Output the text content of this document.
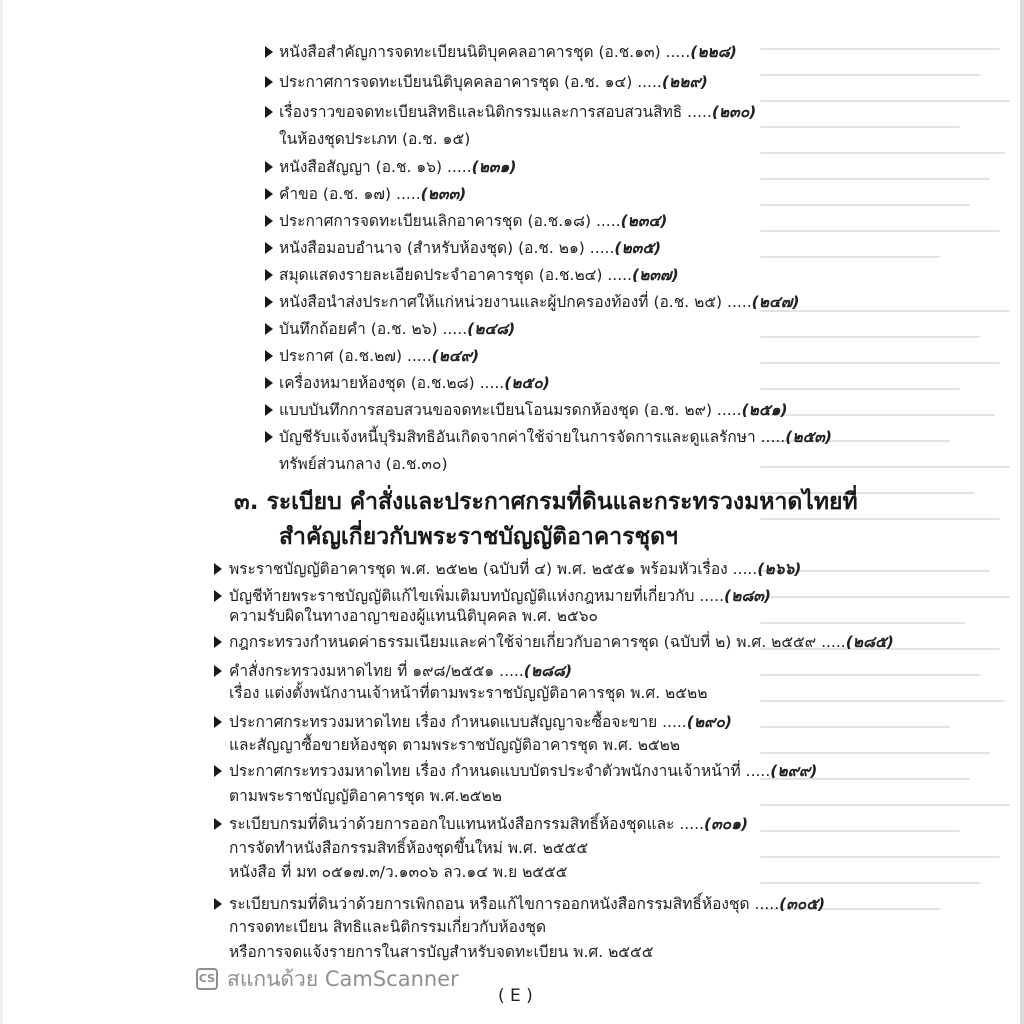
หนังสือสำคัญการจดทะเบียนนิติบุคคลอาคารชุด (อ.ช.๑๓) .....(๒๒๘)
ประกาศการจดทะเบียนนิติบุคคลอาคารชุด (อ.ช. ๑๔) .....(๒๒๙)
เรื่องราวขอจดทะเบียนสิทธิและนิติกรรมและการสอบสวนสิทธิ .....(๒๓๐)
ในห้องชุดประเภท (อ.ช. ๑๕)
หนังสือสัญญา (อ.ช. ๑๖) .....(๒๓๑)
คำขอ (อ.ช. ๑๗) .....(๒๓๓)
ประกาศการจดทะเบียนเลิกอาคารชุด (อ.ช.๑๘) .....(๒๓๔)
หนังสือมอบอำนาจ (สำหรับห้องชุด) (อ.ช. ๒๑) .....(๒๓๕)
สมุดแสดงรายละเอียดประจำอาคารชุด (อ.ช.๒๔) .....(๒๓๗)
หนังสือนำส่งประกาศให้แก่หน่วยงานและผู้ปกครองท้องที่ (อ.ช. ๒๕) .....(๒๔๗)
บันทึกถ้อยคำ (อ.ช. ๒๖) .....(๒๔๘)
ประกาศ (อ.ช.๒๗) .....(๒๔๙)
เครื่องหมายห้องชุด (อ.ช.๒๘) .....(๒๕๐)
แบบบันทึกการสอบสวนขอจดทะเบียนโอนมรดกห้องชุด (อ.ช. ๒๙) .....(๒๕๑)
บัญชีรับแจ้งหนี้บุริมสิทธิอันเกิดจากค่าใช้จ่ายในการจัดการและดูแลรักษา .....(๒๕๓)
ทรัพย์ส่วนกลาง (อ.ช.๓๐)
๓. ระเบียบ คำสั่งและประกาศกรมที่ดินและกระทรวงมหาดไทยที่
สำคัญเกี่ยวกับพระราชบัญญัติอาคารชุดฯ
พระราชบัญญัติอาคารชุด พ.ศ. ๒๕๒๒ (ฉบับที่ ๔) พ.ศ. ๒๕๕๑ พร้อมหัวเรื่อง .....(๒๖๖)
บัญชีท้ายพระราชบัญญัติแก้ไขเพิ่มเติมบทบัญญัติแห่งกฎหมายที่เกี่ยวกับ .....(๒๘๓)
ความรับผิดในทางอาญาของผู้แทนนิติบุคคล พ.ศ. ๒๕๖๐
กฎกระทรวงกำหนดค่าธรรมเนียมและค่าใช้จ่ายเกี่ยวกับอาคารชุด (ฉบับที่ ๒) พ.ศ. ๒๕๕๙ .....(๒๘๕)
คำสั่งกระทรวงมหาดไทย ที่ ๑๙๘/๒๕๕๑ .....(๒๘๘)
เรื่อง แต่งตั้งพนักงานเจ้าหน้าที่ตามพระราชบัญญัติอาคารชุด พ.ศ. ๒๕๒๒
ประกาศกระทรวงมหาดไทย เรื่อง กำหนดแบบสัญญาจะซื้อจะขาย .....(๒๙๐)
และสัญญาซื้อขายห้องชุด ตามพระราชบัญญัติอาคารชุด พ.ศ. ๒๕๒๒
ประกาศกระทรวงมหาดไทย เรื่อง กำหนดแบบบัตรประจำตัวพนักงานเจ้าหน้าที่ .....(๒๙๙)
ตามพระราชบัญญัติอาคารชุด พ.ศ.๒๕๒๒
ระเบียบกรมที่ดินว่าด้วยการออกใบแทนหนังสือกรรมสิทธิ์ห้องชุดและ .....(๓๐๑)
การจัดทำหนังสือกรรมสิทธิ์ห้องชุดขึ้นใหม่ พ.ศ. ๒๕๕๕
หนังสือ ที่ มท ๐๕๑๗.๓/ว.๑๓๐๖ ลว.๑๔ พ.ย ๒๕๕๕
ระเบียบกรมที่ดินว่าด้วยการเพิกถอน หรือแก้ไขการออกหนังสือกรรมสิทธิ์ห้องชุด .....(๓๐๕)
การจดทะเบียน สิทธิและนิติกรรมเกี่ยวกับห้องชุด
หรือการจดแจ้งรายการในสารบัญสำหรับจดทะเบียน พ.ศ. ๒๕๕๕
CS สแกนด้วย CamScanner
( E )
